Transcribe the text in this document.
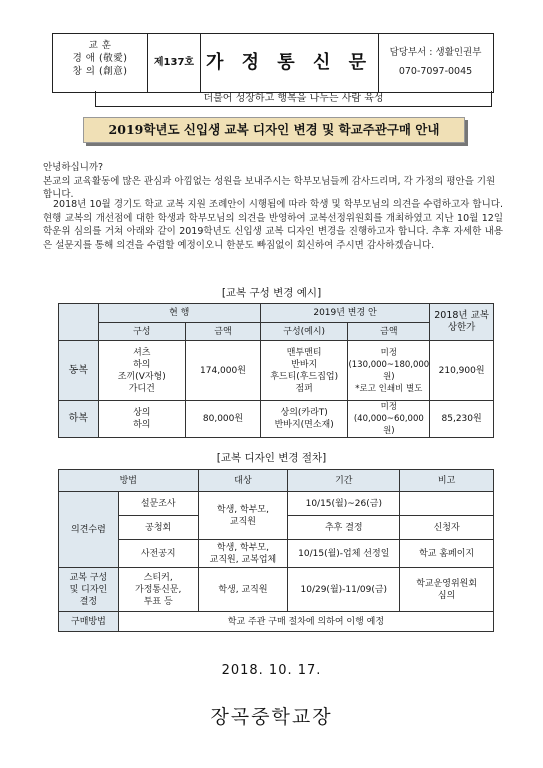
교 훈
경 애 (敬愛)
창 의 (創意)
제137호 가 정 통 신 문	담당부서 : 생활인권부
070-7097-0045
더불어 성장하고 행복을 나누는 사람 육성
2019학년도 신입생 교복 디자인 변경 및 학교주관구매 안내
안녕하십니까?
본교의 교육활동에 많은 관심과 아낌없는 성원을 보내주시는 학부모님들께 감사드리며, 각 가정의 평안을 기원합니다.
2018년 10월 경기도 학교 교복 지원 조례안이 시행됨에 따라 학생 및 학부모님의 의견을 수렴하고자 합니다. 현행 교복의 개선점에 대한 학생과 학부모님의 의견을 반영하여 교복선정위원회를 개최하였고 지난 10월 12일 학운위 심의를 거쳐 아래와 같이 2019학년도 신입생 교복 디자인 변경을 진행하고자 합니다. 추후 자세한 내용은 설문지를 통해 의견을 수렴할 예정이오니 한분도 빠짐없이 회신하여 주시면 감사하겠습니다.
[교복 구성 변경 예시]
	현 행		2019년 변경 안		2018년 교복 상한가
	구성	금액	구성(예시)	금액	
동복	셔츠
하의
조끼(V자형)
가디건	174,000원	맨투맨티
반바지
후드티(후드집업)
점퍼	미정
(130,000~180,000원)
*로고 인쇄비 별도	210,900원
하복	상의
하의	80,000원	상의(카라T)
반바지(면소재)	미정
(40,000~60,000원)	85,230원
[교복 디자인 변경 절차]
방법		대상	기간	비고
의견수렴	설문조사	학생, 학부모,
교직원	10/15(월)~26(금)	
	공청회		추후 결정	신청자
	사전공지	학생, 학부모,
교직원, 교복업체	10/15(월)-업체 선정일	학교 홈페이지
교복 구성
및 디자인
결정	스티커,
가정통신문,
투표 등	학생, 교직원	10/29(월)-11/09(금)	학교운영위원회
심의
구매방법	학교 주관 구매 절차에 의하여 이행 예정			
2018. 10. 17.
장곡중학교장
